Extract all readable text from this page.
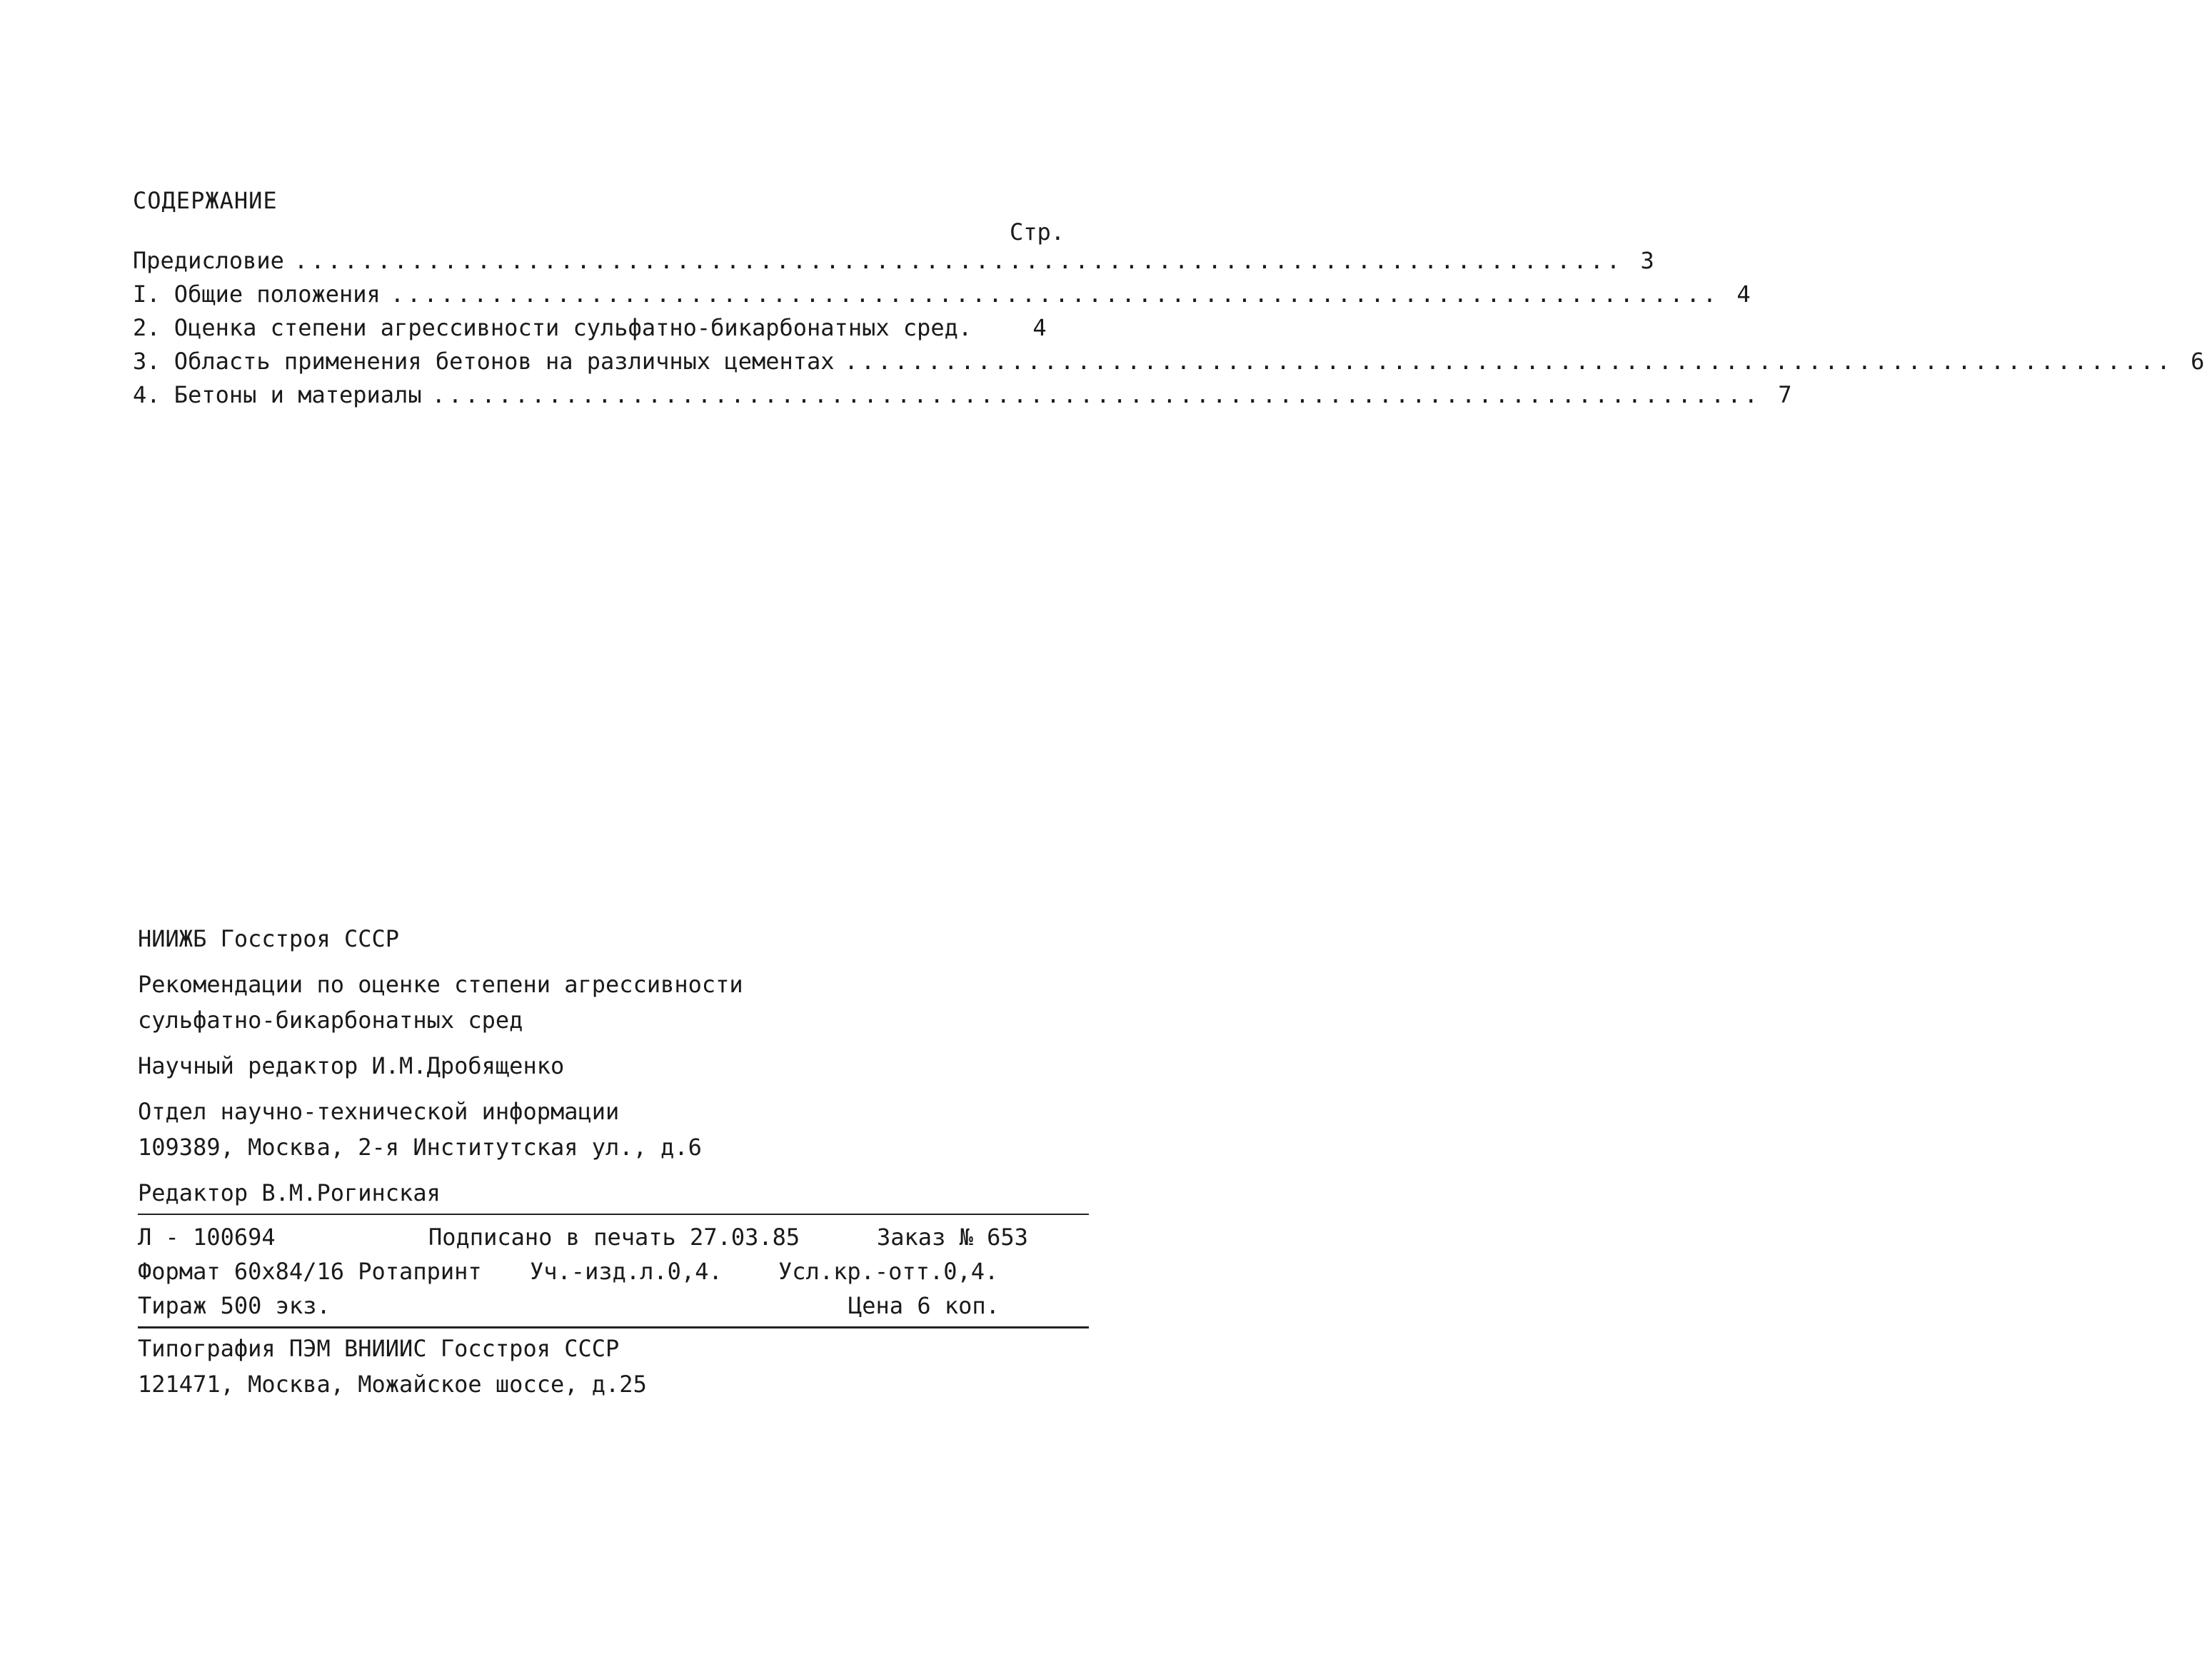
СОДЕРЖАНИЕ
Стр.
Предисловие ................................................................................ 3
I. Общие положения ................................................................................ 4
2. Оценка степени агрессивности сульфатно-бикарбонатных сред.	4
3. Область применения бетонов на различных цементах ................................................................................ 6
4. Бетоны и материалы ................................................................................ 7
НИИЖБ Госстроя СССР
Рекомендации по оценке степени агрессивности
сульфатно-бикарбонатных сред
Научный редактор И.М.Дробященко
Отдел научно-технической информации
109389, Москва, 2-я Институтская ул., д.6
Редактор В.М.Рогинская
Л - 100694	Подписано в печать 27.03.85	Заказ № 653
Формат 60х84/16 Ротапринт Уч.-изд.л.0,4. Усл.кр.-отт.0,4.
Тираж 500 экз.	Цена 6 коп.
Типография ПЭМ ВНИИИС Госстроя СССР
121471, Москва, Можайское шоссе, д.25
